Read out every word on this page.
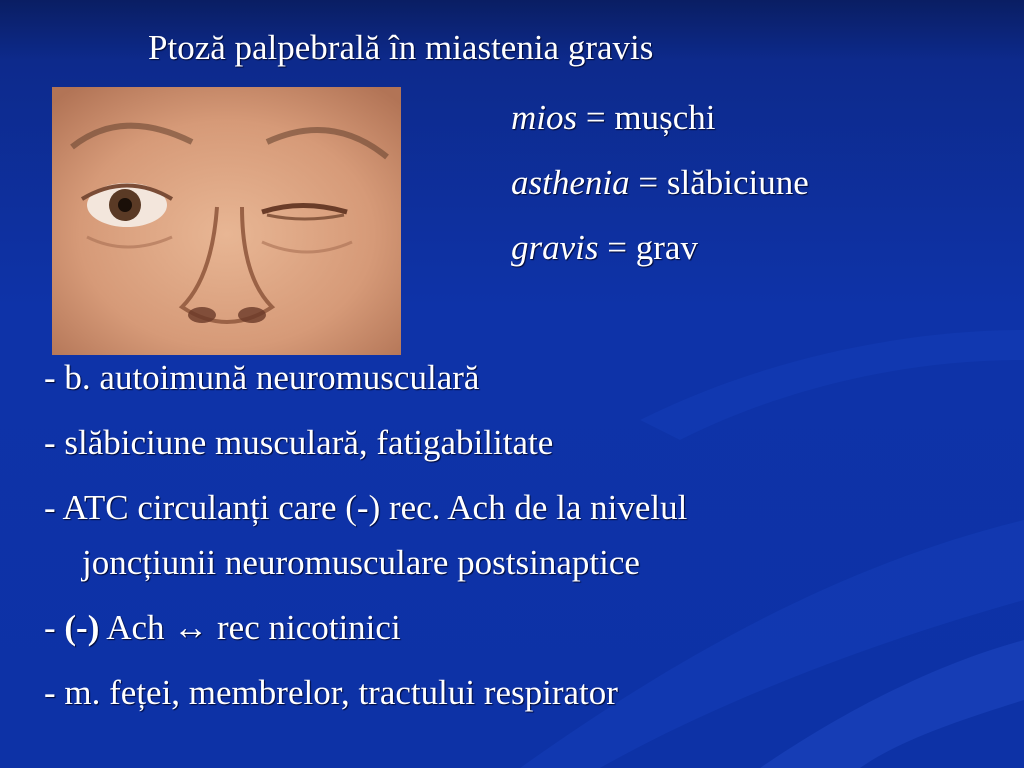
Ptoză palpebrală în miastenia gravis
mios = mușchi
asthenia = slăbiciune
gravis = grav
- b. autoimună neuromusculară
- slăbiciune musculară, fatigabilitate
- ATC circulanți care (-) rec. Ach de la nivelul
joncțiunii neuromusculare postsinaptice
- (-) Ach ↔ rec nicotinici
- m. feței, membrelor, tractului respirator
